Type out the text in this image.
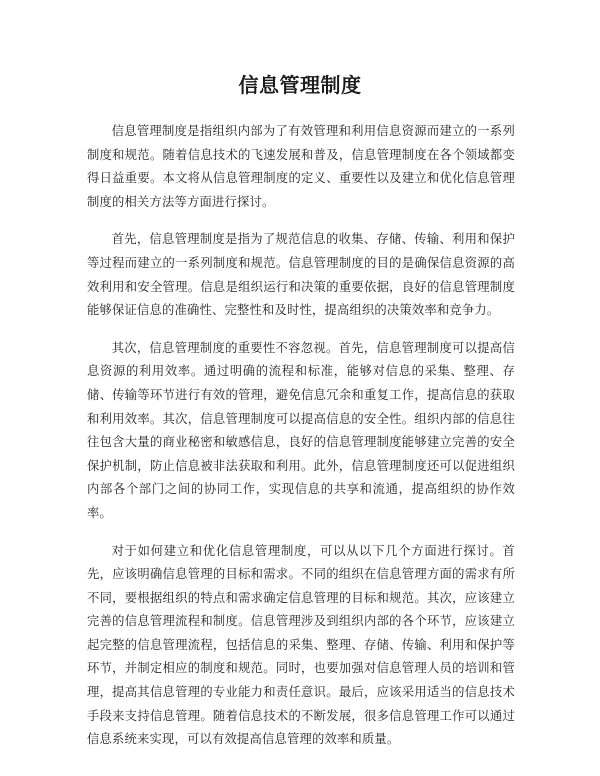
信息管理制度

信息管理制度是指组织内部为了有效管理和利用信息资源而建立的一系列制度和规范。随着信息技术的飞速发展和普及，信息管理制度在各个领域都变得日益重要。本文将从信息管理制度的定义、重要性以及建立和优化信息管理制度的相关方法等方面进行探讨。

首先，信息管理制度是指为了规范信息的收集、存储、传输、利用和保护等过程而建立的一系列制度和规范。信息管理制度的目的是确保信息资源的高效利用和安全管理。信息是组织运行和决策的重要依据，良好的信息管理制度能够保证信息的准确性、完整性和及时性，提高组织的决策效率和竞争力。

其次，信息管理制度的重要性不容忽视。首先，信息管理制度可以提高信息资源的利用效率。通过明确的流程和标准，能够对信息的采集、整理、存储、传输等环节进行有效的管理，避免信息冗余和重复工作，提高信息的获取和利用效率。其次，信息管理制度可以提高信息的安全性。组织内部的信息往往包含大量的商业秘密和敏感信息，良好的信息管理制度能够建立完善的安全保护机制，防止信息被非法获取和利用。此外，信息管理制度还可以促进组织内部各个部门之间的协同工作，实现信息的共享和流通，提高组织的协作效率。

对于如何建立和优化信息管理制度，可以从以下几个方面进行探讨。首先，应该明确信息管理的目标和需求。不同的组织在信息管理方面的需求有所不同，要根据组织的特点和需求确定信息管理的目标和规范。其次，应该建立完善的信息管理流程和制度。信息管理涉及到组织内部的各个环节，应该建立起完整的信息管理流程，包括信息的采集、整理、存储、传输、利用和保护等环节，并制定相应的制度和规范。同时，也要加强对信息管理人员的培训和管理，提高其信息管理的专业能力和责任意识。最后，应该采用适当的信息技术手段来支持信息管理。随着信息技术的不断发展，很多信息管理工作可以通过信息系统来实现，可以有效提高信息管理的效率和质量。
